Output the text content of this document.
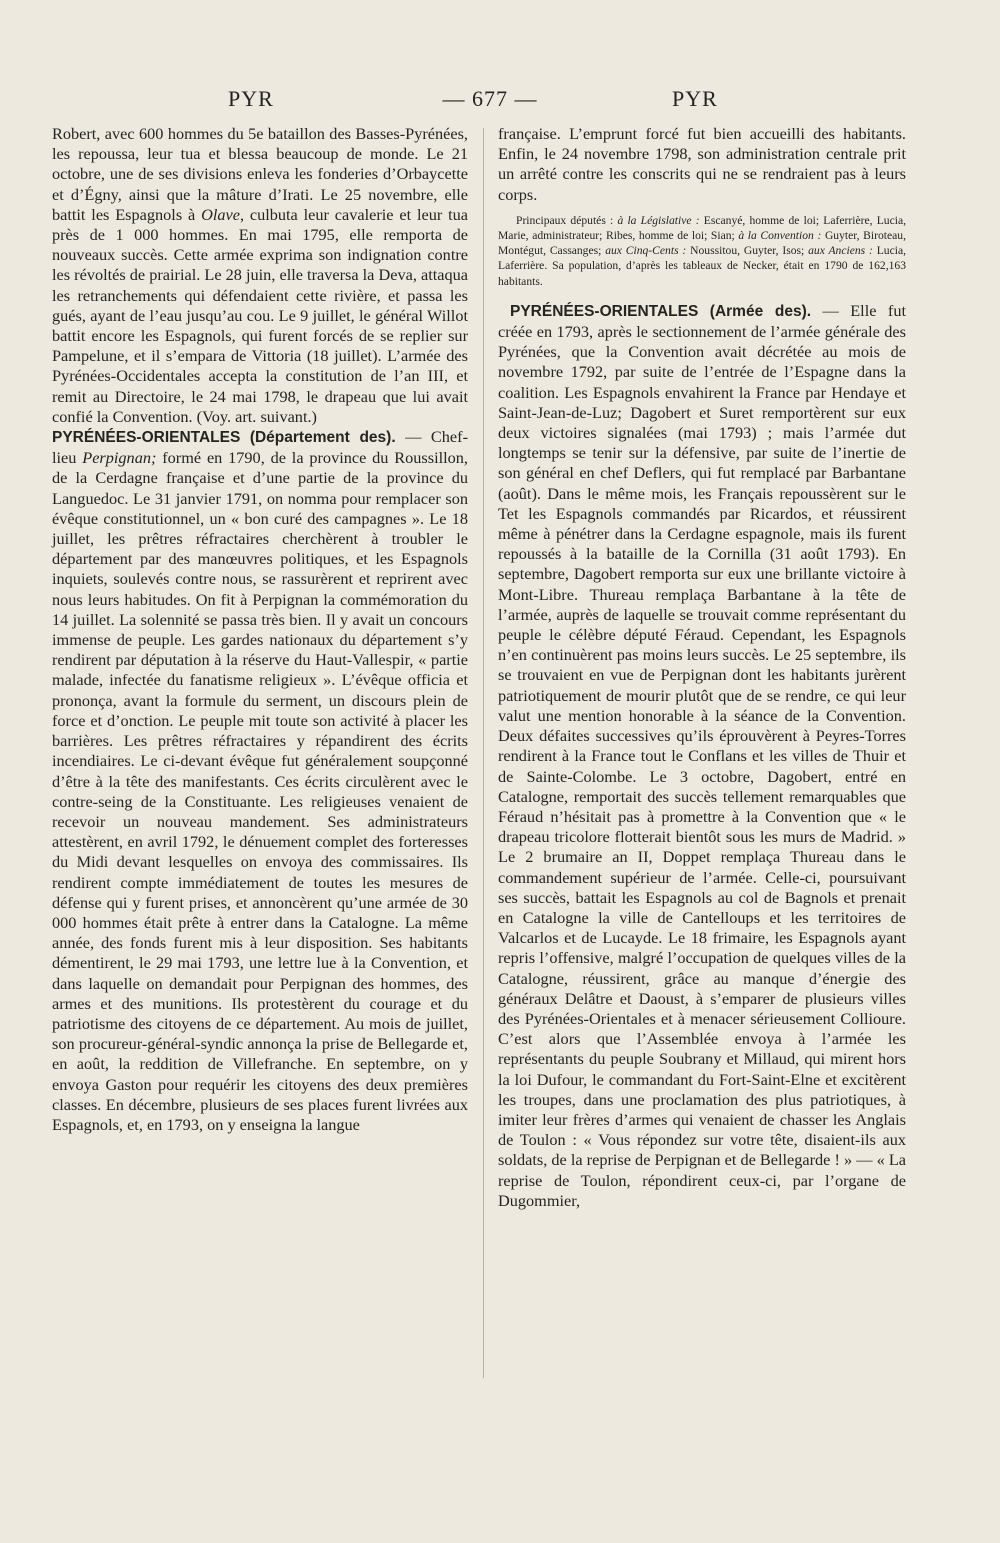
PYR	— 677 —	PYR

Robert, avec 600 hommes du 5e bataillon des Basses-Pyrénées, les repoussa, leur tua et blessa beaucoup de monde. Le 21 octobre, une de ses divisions enleva les fonderies d’Orbaycette et d’Égny, ainsi que la mâture d’Irati. Le 25 novembre, elle battit les Espagnols à Olave, culbuta leur cavalerie et leur tua près de 1 000 hommes. En mai 1795, elle remporta de nouveaux succès. Cette armée exprima son indignation contre les révoltés de prairial. Le 28 juin, elle traversa la Deva, attaqua les retranchements qui défendaient cette rivière, et passa les gués, ayant de l’eau jusqu’au cou. Le 9 juillet, le général Willot battit encore les Espagnols, qui furent forcés de se replier sur Pampelune, et il s’empara de Vittoria (18 juillet). L’armée des Pyrénées-Occidentales accepta la constitution de l’an III, et remit au Directoire, le 24 mai 1798, le drapeau que lui avait confié la Convention. (Voy. art. suivant.)

PYRÉNÉES-ORIENTALES (Département des). — Chef-lieu Perpignan; formé en 1790, de la province du Roussillon, de la Cerdagne française et d’une partie de la province du Languedoc. Le 31 janvier 1791, on nomma pour remplacer son évêque constitutionnel, un « bon curé des campagnes ». Le 18 juillet, les prêtres réfractaires cherchèrent à troubler le département par des manœuvres politiques, et les Espagnols inquiets, soulevés contre nous, se rassurèrent et reprirent avec nous leurs habitudes. On fit à Perpignan la commémoration du 14 juillet. La solennité se passa très bien. Il y avait un concours immense de peuple. Les gardes nationaux du département s’y rendirent par députation à la réserve du Haut-Vallespir, « partie malade, infectée du fanatisme religieux ». L’évêque officia et prononça, avant la formule du serment, un discours plein de force et d’onction. Le peuple mit toute son activité à placer les barrières. Les prêtres réfractaires y répandirent des écrits incendiaires. Le ci-devant évêque fut généralement soupçonné d’être à la tête des manifestants. Ces écrits circulèrent avec le contre-seing de la Constituante. Les religieuses venaient de recevoir un nouveau mandement. Ses administrateurs attestèrent, en avril 1792, le dénuement complet des forteresses du Midi devant lesquelles on envoya des commissaires. Ils rendirent compte immédiatement de toutes les mesures de défense qui y furent prises, et annoncèrent qu’une armée de 30 000 hommes était prête à entrer dans la Catalogne. La même année, des fonds furent mis à leur disposition. Ses habitants démentirent, le 29 mai 1793, une lettre lue à la Convention, et dans laquelle on demandait pour Perpignan des hommes, des armes et des munitions. Ils protestèrent du courage et du patriotisme des citoyens de ce département. Au mois de juillet, son procureur-général-syndic annonça la prise de Bellegarde et, en août, la reddition de Villefranche. En septembre, on y envoya Gaston pour requérir les citoyens des deux premières classes. En décembre, plusieurs de ses places furent livrées aux Espagnols, et, en 1793, on y enseigna la langue

française. L’emprunt forcé fut bien accueilli des habitants. Enfin, le 24 novembre 1798, son administration centrale prit un arrêté contre les conscrits qui ne se rendraient pas à leurs corps.

Principaux députés : à la Législative : Escanyé, homme de loi; Laferrière, Lucia, Marie, administrateur; Ribes, homme de loi; Sian; à la Convention : Guyter, Biroteau, Montégut, Cassanges; aux Cinq-Cents : Noussitou, Guyter, Isos; aux Anciens : Lucia, Laferrière. Sa population, d’après les tableaux de Necker, était en 1790 de 162,163 habitants.

PYRÉNÉES-ORIENTALES (Armée des). — Elle fut créée en 1793, après le sectionnement de l’armée générale des Pyrénées, que la Convention avait décrétée au mois de novembre 1792, par suite de l’entrée de l’Espagne dans la coalition. Les Espagnols envahirent la France par Hendaye et Saint-Jean-de-Luz; Dagobert et Suret remportèrent sur eux deux victoires signalées (mai 1793) ; mais l’armée dut longtemps se tenir sur la défensive, par suite de l’inertie de son général en chef Deflers, qui fut remplacé par Barbantane (août). Dans le même mois, les Français repoussèrent sur le Tet les Espagnols commandés par Ricardos, et réussirent même à pénétrer dans la Cerdagne espagnole, mais ils furent repoussés à la bataille de la Cornilla (31 août 1793). En septembre, Dagobert remporta sur eux une brillante victoire à Mont-Libre. Thureau remplaça Barbantane à la tête de l’armée, auprès de laquelle se trouvait comme représentant du peuple le célèbre député Féraud. Cependant, les Espagnols n’en continuèrent pas moins leurs succès. Le 25 septembre, ils se trouvaient en vue de Perpignan dont les habitants jurèrent patriotiquement de mourir plutôt que de se rendre, ce qui leur valut une mention honorable à la séance de la Convention. Deux défaites successives qu’ils éprouvèrent à Peyres-Torres rendirent à la France tout le Conflans et les villes de Thuir et de Sainte-Colombe. Le 3 octobre, Dagobert, entré en Catalogne, remportait des succès tellement remarquables que Féraud n’hésitait pas à promettre à la Convention que « le drapeau tricolore flotterait bientôt sous les murs de Madrid. » Le 2 brumaire an II, Doppet remplaça Thureau dans le commandement supérieur de l’armée. Celle-ci, poursuivant ses succès, battait les Espagnols au col de Bagnols et prenait en Catalogne la ville de Cantelloups et les territoires de Valcarlos et de Lucayde. Le 18 frimaire, les Espagnols ayant repris l’offensive, malgré l’occupation de quelques villes de la Catalogne, réussirent, grâce au manque d’énergie des généraux Delâtre et Daoust, à s’emparer de plusieurs villes des Pyrénées-Orientales et à menacer sérieusement Collioure. C’est alors que l’Assemblée envoya à l’armée les représentants du peuple Soubrany et Millaud, qui mirent hors la loi Dufour, le commandant du Fort-Saint-Elne et excitèrent les troupes, dans une proclamation des plus patriotiques, à imiter leur frères d’armes qui venaient de chasser les Anglais de Toulon : « Vous répondez sur votre tête, disaient-ils aux soldats, de la reprise de Perpignan et de Bellegarde ! » — « La reprise de Toulon, répondirent ceux-ci, par l’organe de Dugommier,
